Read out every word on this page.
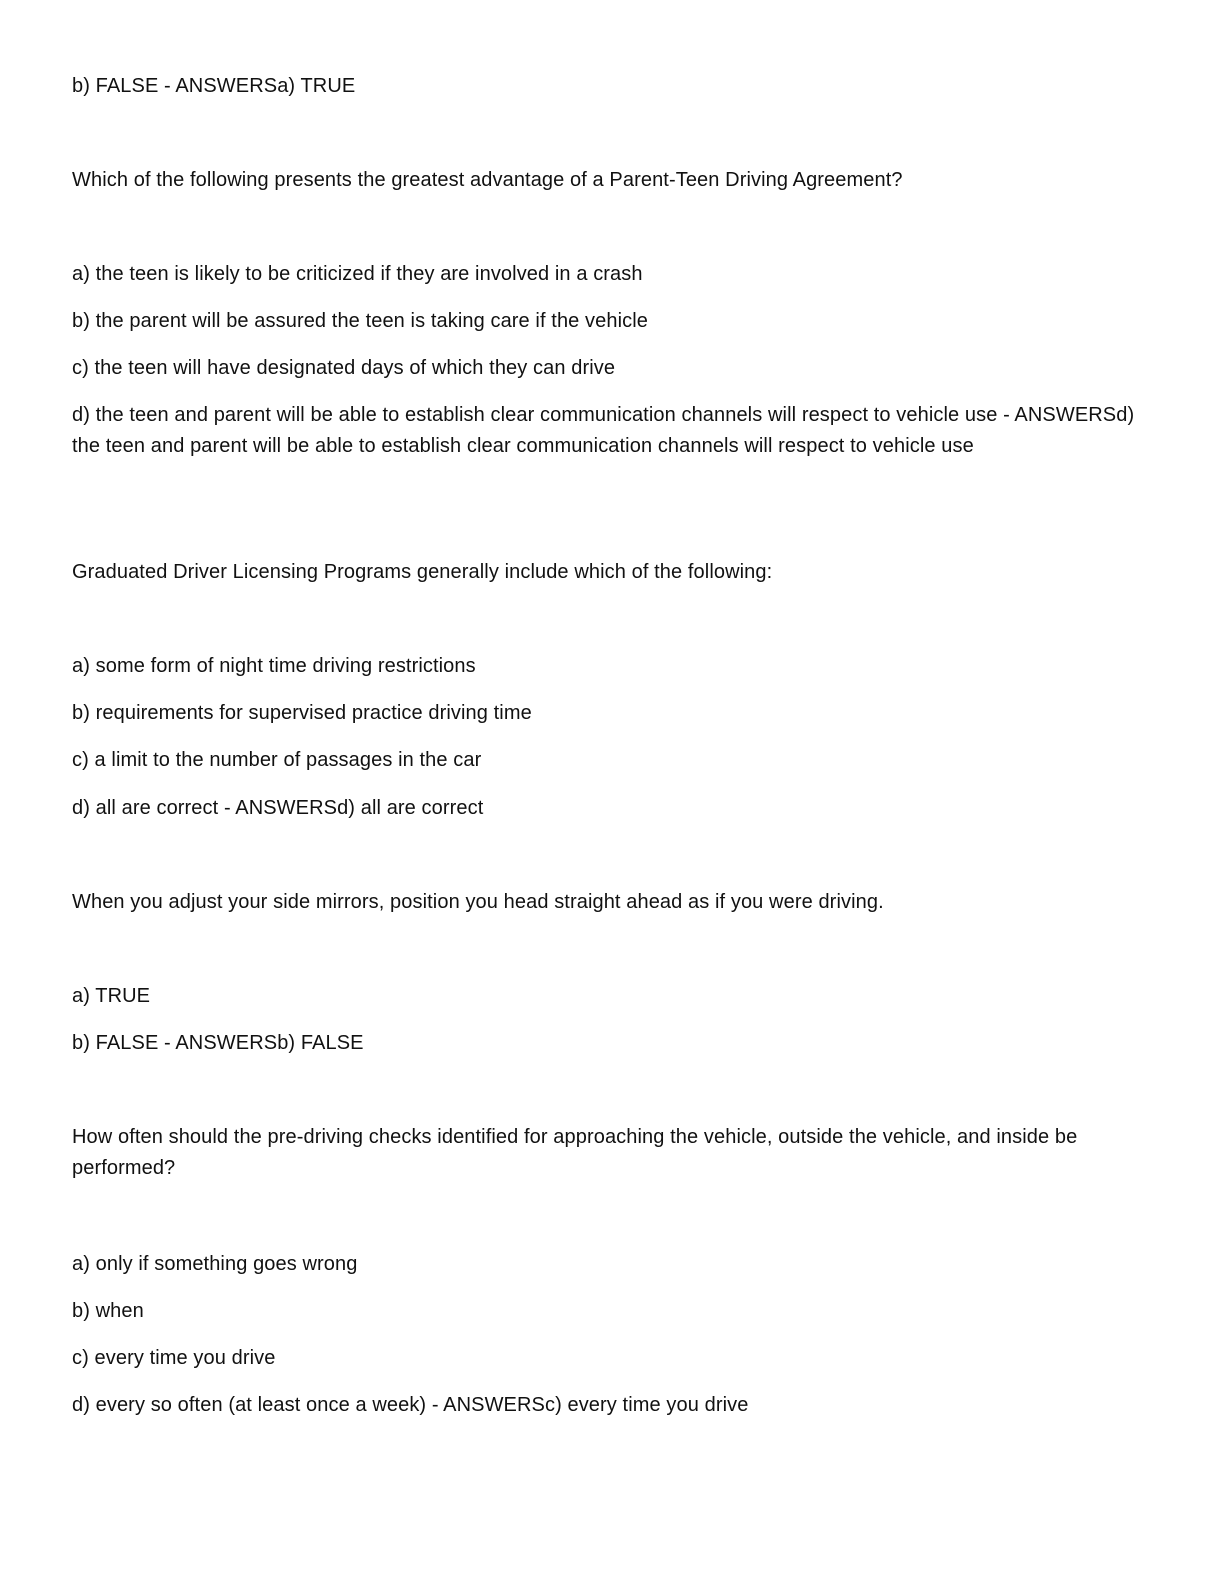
b) FALSE - ANSWERSa) TRUE
Which of the following presents the greatest advantage of a Parent-Teen Driving Agreement?
a) the teen is likely to be criticized if they are involved in a crash
b) the parent will be assured the teen is taking care if the vehicle
c) the teen will have designated days of which they can drive
d) the teen and parent will be able to establish clear communication channels will respect to vehicle use - ANSWERSd) the teen and parent will be able to establish clear communication channels will respect to vehicle use
Graduated Driver Licensing Programs generally include which of the following:
a) some form of night time driving restrictions
b) requirements for supervised practice driving time
c) a limit to the number of passages in the car
d) all are correct - ANSWERSd) all are correct
When you adjust your side mirrors, position you head straight ahead as if you were driving.
a) TRUE
b) FALSE - ANSWERSb) FALSE
How often should the pre-driving checks identified for approaching the vehicle, outside the vehicle, and inside be performed?
a) only if something goes wrong
b) when
c) every time you drive
d) every so often (at least once a week) - ANSWERSc) every time you drive
